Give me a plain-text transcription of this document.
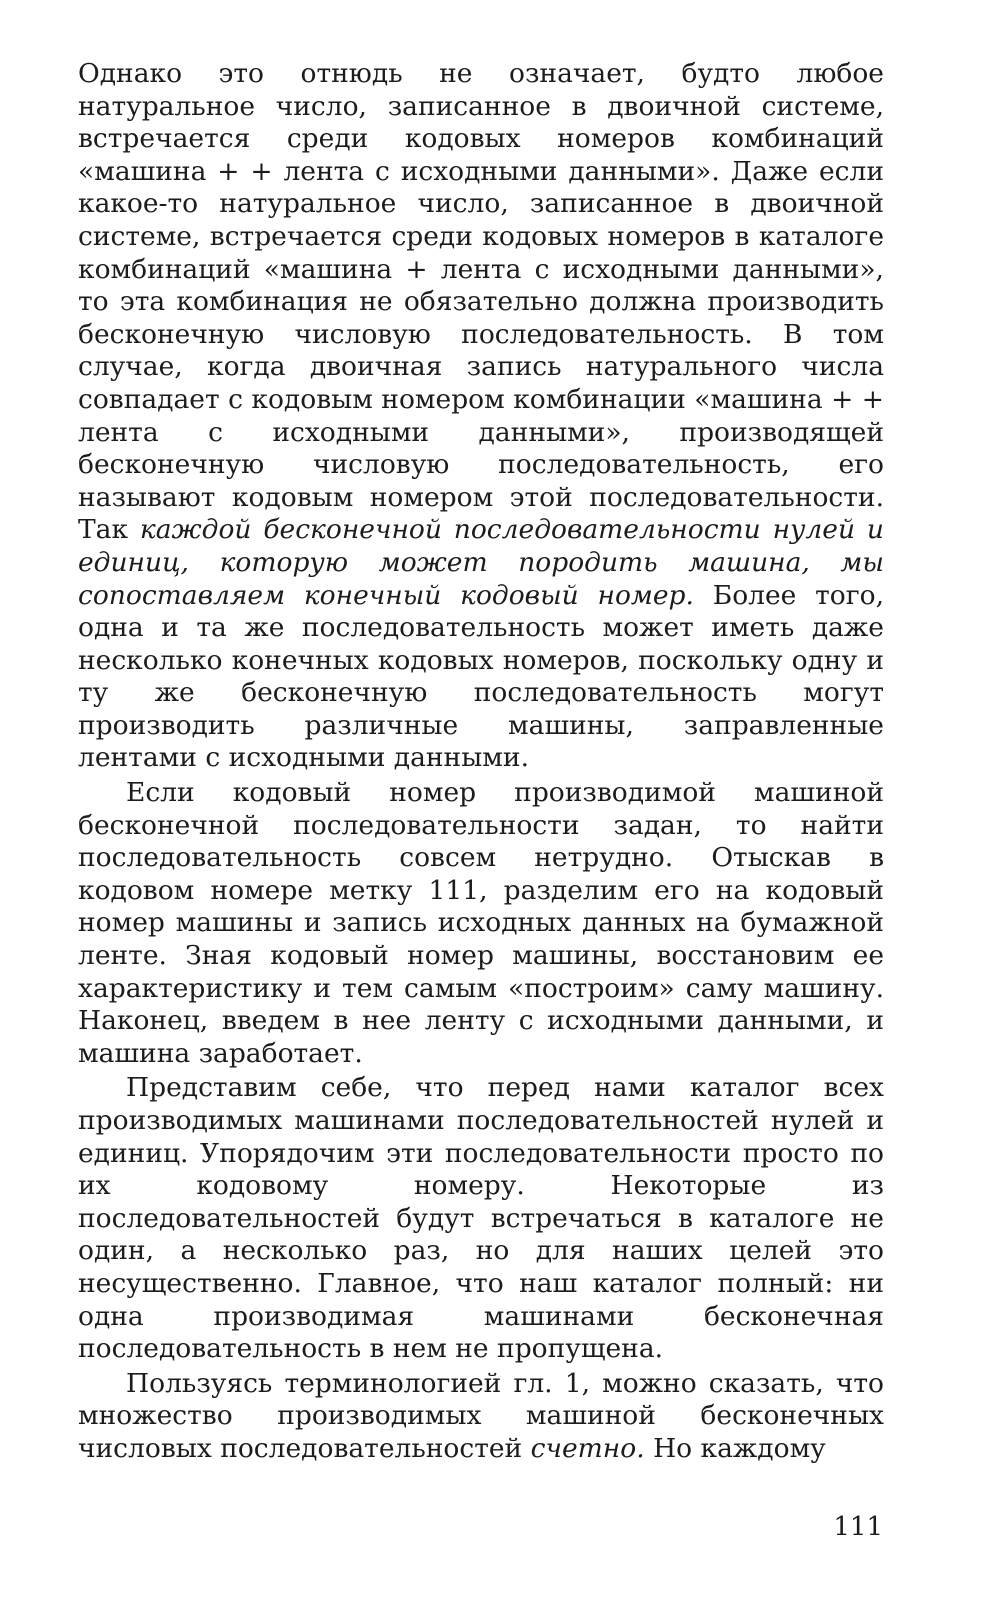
Однако это отнюдь не означает, будто любое натуральное число, записанное в двоичной системе, встречается среди кодовых номеров комбинаций «машина + + лента с исходными данными». Даже если какое-то натуральное число, записанное в двоичной системе, встречается среди кодовых номеров в каталоге комбинаций «машина + лента с исходными данными», то эта комбинация не обязательно должна производить бесконечную числовую последовательность. В том случае, когда двоичная запись натурального числа совпадает с кодовым номером комбинации «машина + + лента с исходными данными», производящей бесконечную числовую последовательность, его называют кодовым номером этой последовательности. Так каждой бесконечной последовательности нулей и единиц, которую может породить машина, мы сопоставляем конечный кодовый номер. Более того, одна и та же последовательность может иметь даже несколько конечных кодовых номеров, поскольку одну и ту же бесконечную последовательность могут производить различные машины, заправленные лентами с исходными данными.

Если кодовый номер производимой машиной бесконечной последовательности задан, то найти последовательность совсем нетрудно. Отыскав в кодовом номере метку 111, разделим его на кодовый номер машины и запись исходных данных на бумажной ленте. Зная кодовый номер машины, восстановим ее характеристику и тем самым «построим» саму машину. Наконец, введем в нее ленту с исходными данными, и машина заработает.

Представим себе, что перед нами каталог всех производимых машинами последовательностей нулей и единиц. Упорядочим эти последовательности просто по их кодовому номеру. Некоторые из последовательностей будут встречаться в каталоге не один, а несколько раз, но для наших целей это несущественно. Главное, что наш каталог полный: ни одна производимая машинами бесконечная последовательность в нем не пропущена.

Пользуясь терминологией гл. 1, можно сказать, что множество производимых машиной бесконечных числовых последовательностей счетно. Но каждому

111
